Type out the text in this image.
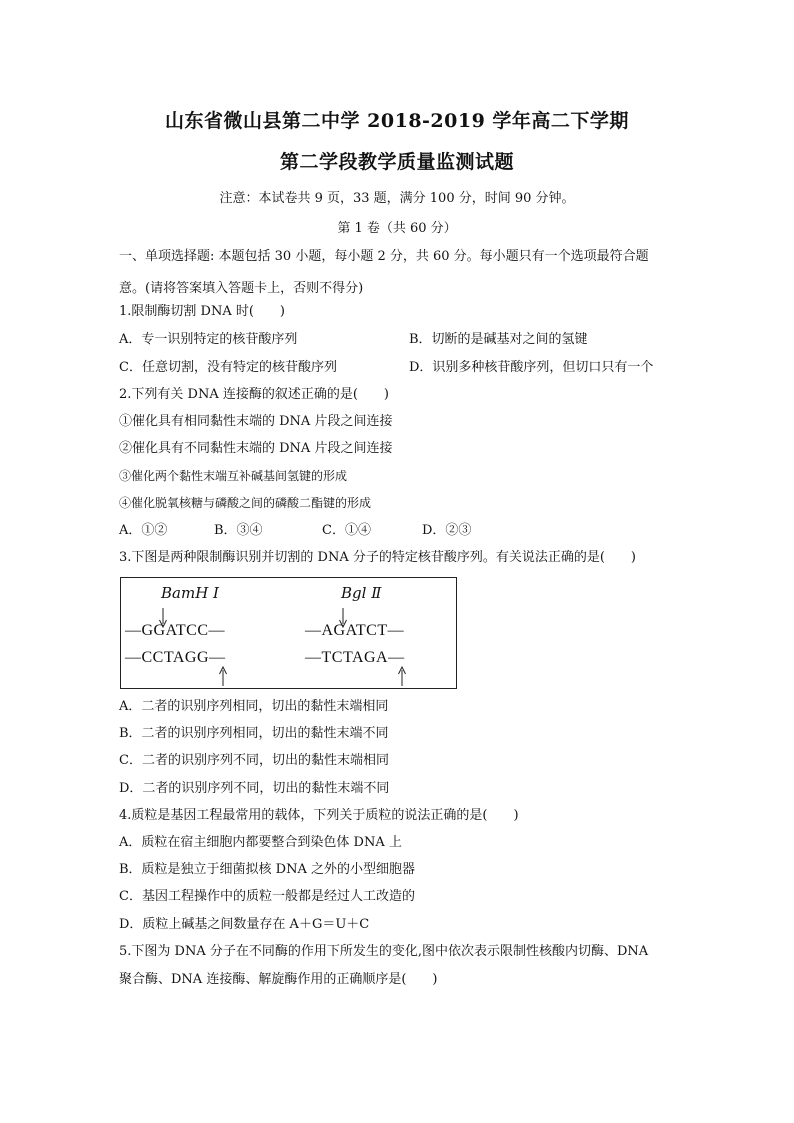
山东省微山县第二中学 2018-2019 学年高二下学期
第二学段教学质量监测试题
注意：本试卷共 9 页，33 题，满分 100 分，时间 90 分钟。
第 1 卷（共 60 分）
一、单项选择题: 本题包括 30 小题，每小题 2 分，共 60 分。每小题只有一个选项最符合题
意。(请将答案填入答题卡上，否则不得分)
1.限制酶切割 DNA 时(　　)
A．专一识别特定的核苷酸序列	B．切断的是碱基对之间的氢键
C．任意切割，没有特定的核苷酸序列	D．识别多种核苷酸序列，但切口只有一个
2.下列有关 DNA 连接酶的叙述正确的是(　　)
①催化具有相同黏性末端的 DNA 片段之间连接
②催化具有不同黏性末端的 DNA 片段之间连接
③催化两个黏性末端互补碱基间氢键的形成
④催化脱氧核糖与磷酸之间的磷酸二酯键的形成
A．①②	B．③④	C．①④	D．②③
3.下图是两种限制酶识别并切割的 DNA 分子的特定核苷酸序列。有关说法正确的是(　　)
BamH Ⅰ	Bgl Ⅱ
—GGATCC—
—CCTAGG—
—AGATCT—
—TCTAGA—
A．二者的识别序列相同，切出的黏性末端相同
B．二者的识别序列相同，切出的黏性末端不同
C．二者的识别序列不同，切出的黏性末端相同
D．二者的识别序列不同，切出的黏性末端不同
4.质粒是基因工程最常用的载体，下列关于质粒的说法正确的是(　　)
A．质粒在宿主细胞内都要整合到染色体 DNA 上
B．质粒是独立于细菌拟核 DNA 之外的小型细胞器
C．基因工程操作中的质粒一般都是经过人工改造的
D．质粒上碱基之间数量存在 A＋G＝U＋C
5.下图为 DNA 分子在不同酶的作用下所发生的变化,图中依次表示限制性核酸内切酶、DNA
聚合酶、DNA 连接酶、解旋酶作用的正确顺序是(　　)
